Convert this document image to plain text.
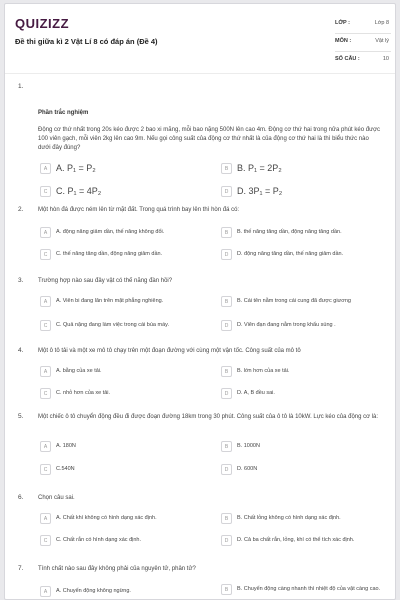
QUIZIZZ
Đề thi giữa kì 2 Vật Lí 8 có đáp án (Đề 4)
LỚP :	Lớp 8
MÔN :	Vật lý
SỐ CÂU :	10
1.
Phần trắc nghiệm
Động cơ thứ nhất trong 20s kéo được 2 bao xi măng, mỗi bao nặng 500N lên cao 4m. Động cơ thứ hai trong nửa phút kéo được 100 viên gạch, mỗi viên 2kg lên cao 9m. Nếu gọi công suất của động cơ thứ nhất là của động cơ thứ hai là thì biểu thức nào dưới đây đúng?
A A. P₁ = P₂	B B. P₁ = 2P₂
C C. P₁ = 4P₂	D D. 3P₁ = P₂
2. Một hòn đá được ném lên từ mặt đất. Trong quá trình bay lên thì hòn đá có:
A	A. động năng giảm dần, thế năng không đổi.	B	B. thế năng tăng dần, động năng tăng dần.
C	C. thế năng tăng dần, động năng giảm dần.	D	D. động năng tăng dần, thế năng giảm dần.
3. Trường hợp nào sau đây vật có thế năng đàn hồi?
A	A. Viên bi đang lăn trên mặt phẳng nghiêng.	B	B. Cái tên nằm trong cái cung đã được giương
C	C. Quả nặng đang làm việc trong cái búa máy.	D	D. Viên đạn đang nằm trong khẩu súng .
4. Một ô tô tải và một xe mô tô chạy trên một đoạn đường với cùng một vận tốc. Công suất của mô tô
A	A. bằng của xe tải.	B	B. lớn hơn của xe tải.
C	C. nhỏ hơn của xe tải.	D	D. A, B đều sai.
5. Một chiếc ô tô chuyển động đều đi được đoạn đường 18km trong 30 phút. Công suất của ô tô là 10kW. Lực kéo của động cơ là:
A	A. 180N	B	B. 1000N
C	C.540N	D	D. 600N
6. Chọn câu sai.
A	A. Chất khí không có hình dạng xác định.	B	B. Chất lỏng không có hình dạng xác định.
C	C. Chất rắn có hình dạng xác định.	D	D. Cả ba chất rắn, lỏng, khí có thể tích xác định.
7. Tính chất nào sau đây không phải của nguyên tử, phân tử?
A	A. Chuyển động không ngừng.	B	B. Chuyển động càng nhanh thì nhiệt độ của vật càng cao.
